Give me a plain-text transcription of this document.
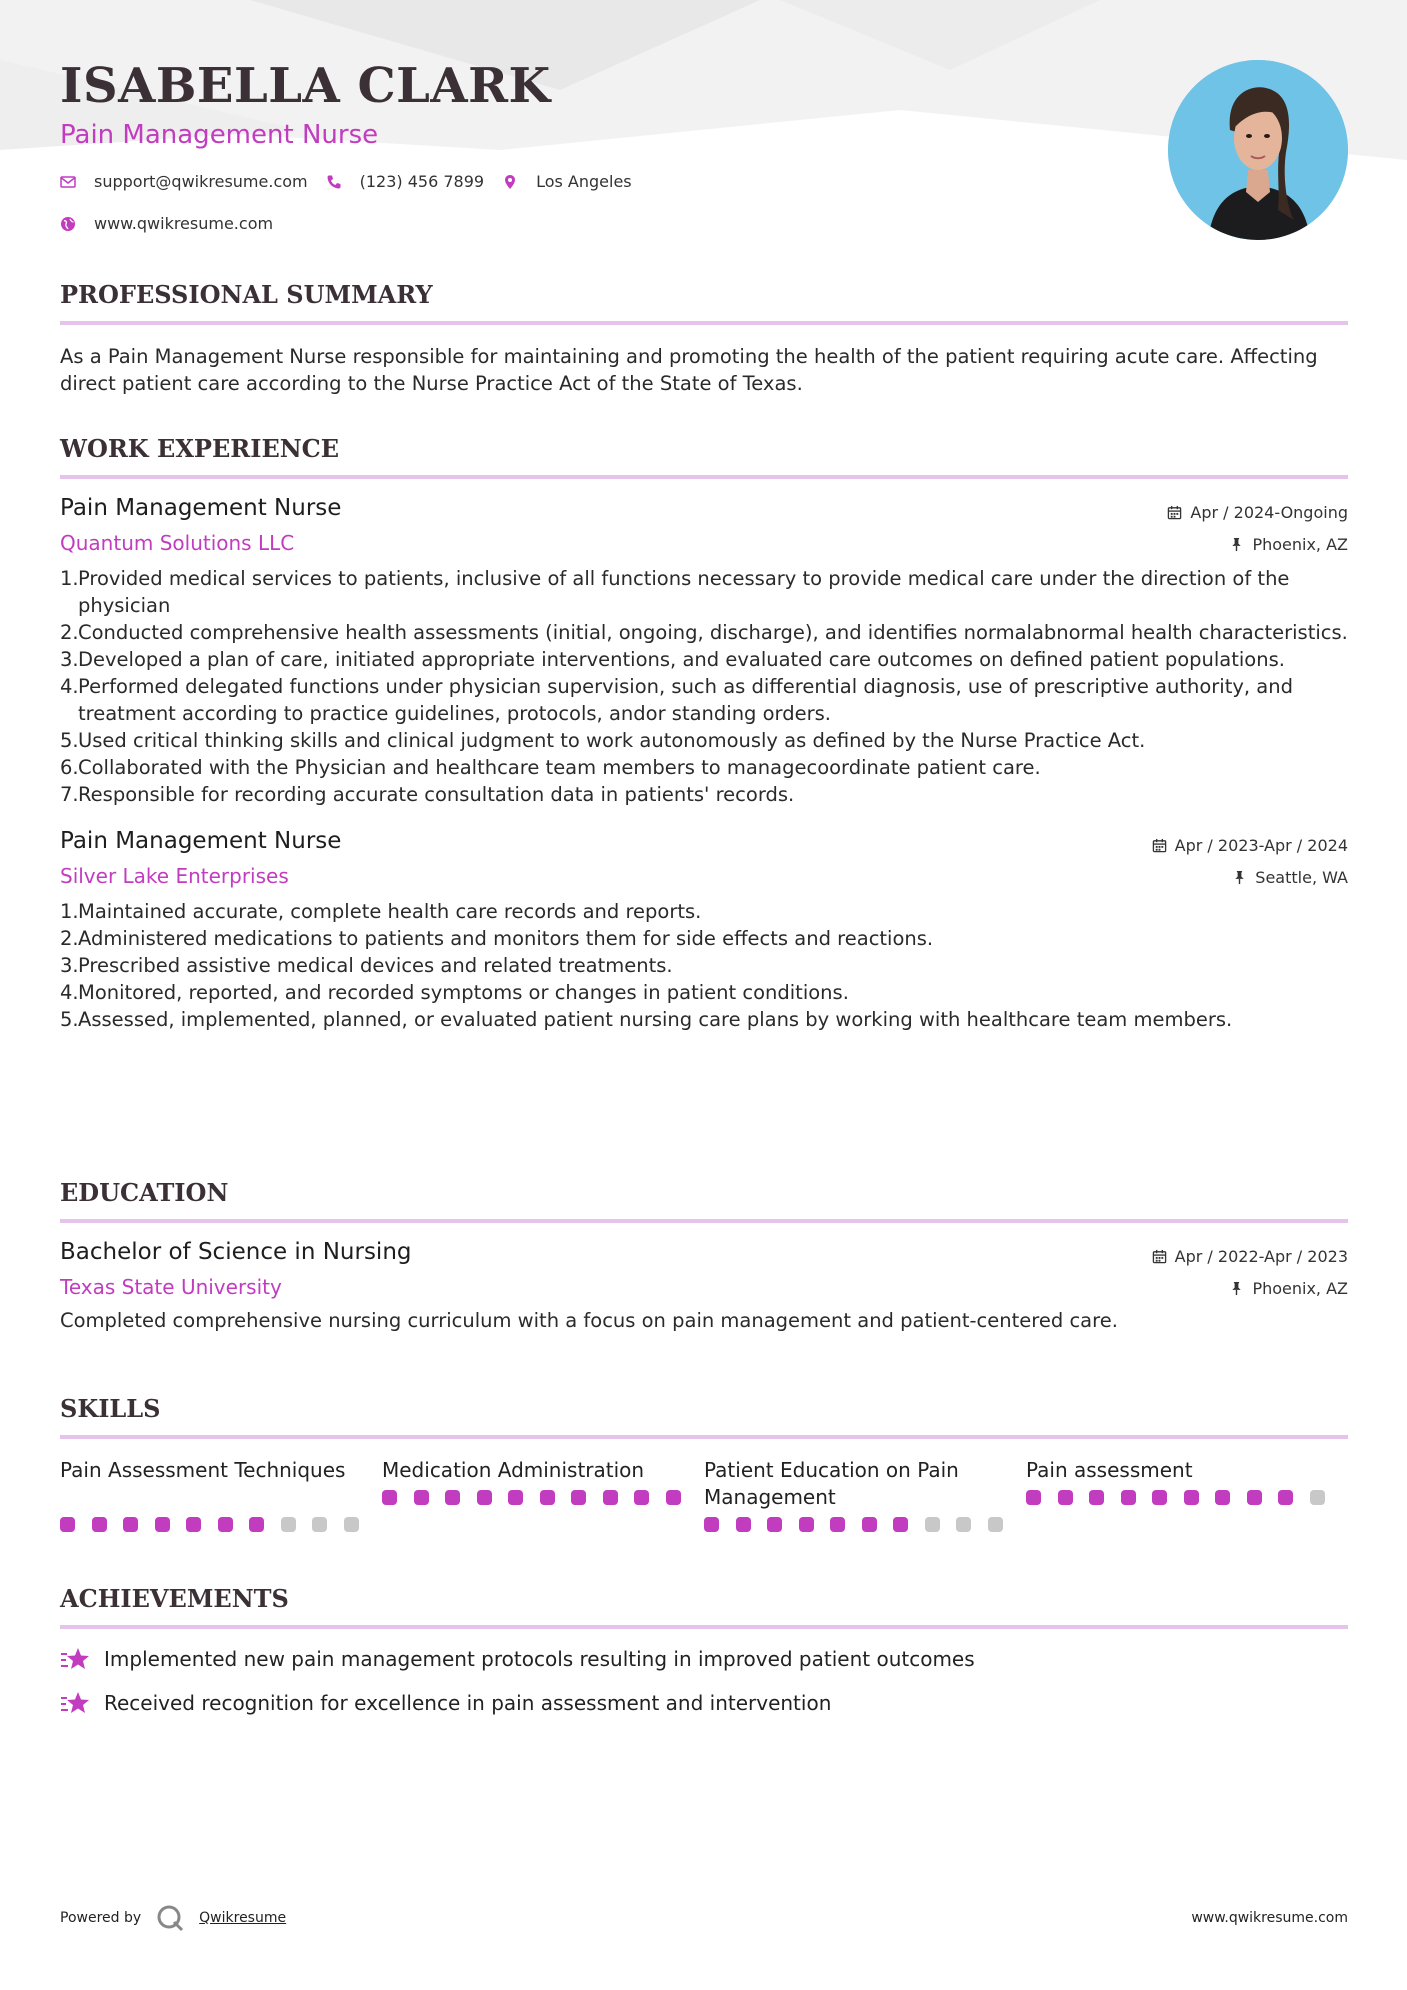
ISABELLA CLARK
Pain Management Nurse
support@qwikresume.com	(123) 456 7899	Los Angeles
www.qwikresume.com
PROFESSIONAL SUMMARY
As a Pain Management Nurse responsible for maintaining and promoting the health of the patient requiring acute care. Affecting direct patient care according to the Nurse Practice Act of the State of Texas.
WORK EXPERIENCE
Pain Management Nurse
Quantum Solutions LLC
Apr / 2024-Ongoing
Phoenix, AZ
1. Provided medical services to patients, inclusive of all functions necessary to provide medical care under the direction of the physician
2. Conducted comprehensive health assessments (initial, ongoing, discharge), and identifies normalabnormal health characteristics.
3. Developed a plan of care, initiated appropriate interventions, and evaluated care outcomes on defined patient populations.
4. Performed delegated functions under physician supervision, such as differential diagnosis, use of prescriptive authority, and treatment according to practice guidelines, protocols, andor standing orders.
5. Used critical thinking skills and clinical judgment to work autonomously as defined by the Nurse Practice Act.
6. Collaborated with the Physician and healthcare team members to managecoordinate patient care.
7. Responsible for recording accurate consultation data in patients' records.
Pain Management Nurse
Silver Lake Enterprises
Apr / 2023-Apr / 2024
Seattle, WA
1. Maintained accurate, complete health care records and reports.
2. Administered medications to patients and monitors them for side effects and reactions.
3. Prescribed assistive medical devices and related treatments.
4. Monitored, reported, and recorded symptoms or changes in patient conditions.
5. Assessed, implemented, planned, or evaluated patient nursing care plans by working with healthcare team members.
EDUCATION
Bachelor of Science in Nursing
Texas State University
Apr / 2022-Apr / 2023
Phoenix, AZ
Completed comprehensive nursing curriculum with a focus on pain management and patient-centered care.
SKILLS
Pain Assessment Techniques	Medication Administration	Patient Education on Pain Management
Pain assessment
ACHIEVEMENTS
Implemented new pain management protocols resulting in improved patient outcomes
Received recognition for excellence in pain assessment and intervention
Powered by	Qwikresume	www.qwikresume.com
